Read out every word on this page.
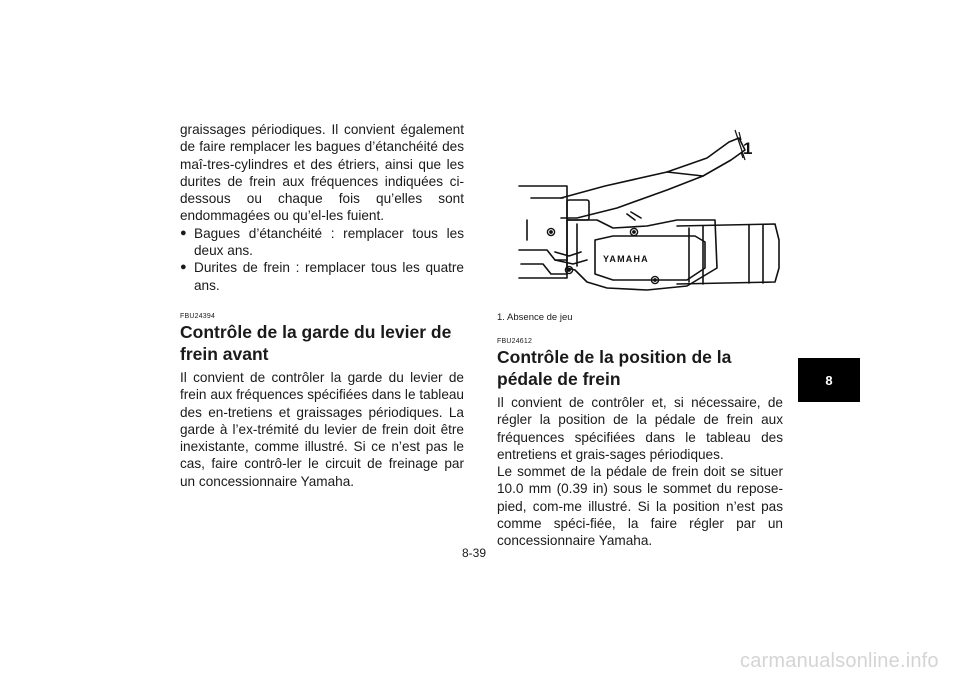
graissages périodiques. Il convient également de faire remplacer les bagues d’étanchéité des maî-tres-cylindres et des étriers, ainsi que les durites de frein aux fréquences indiquées ci-dessous ou chaque fois qu’elles sont endommagées ou qu’el-les fuient.

● Bagues d’étanchéité : remplacer tous les deux ans.

● Durites de frein : remplacer tous les quatre ans.

FBU24394
Contrôle de la garde du levier de frein avant

Il convient de contrôler la garde du levier de frein aux fréquences spécifiées dans le tableau des en-tretiens et graissages périodiques. La garde à l’ex-trémité du levier de frein doit être inexistante, comme illustré. Si ce n’est pas le cas, faire contrô-ler le circuit de freinage par un concessionnaire Yamaha.

1
YAMAHA
1. Absence de jeu
FBU24612
Contrôle de la position de la pédale de frein

Il convient de contrôler et, si nécessaire, de régler la position de la pédale de frein aux fréquences spécifiées dans le tableau des entretiens et grais-sages périodiques.

Le sommet de la pédale de frein doit se situer 10.0 mm (0.39 in) sous le sommet du repose-pied, com-me illustré. Si la position n’est pas comme spéci-fiée, la faire régler par un concessionnaire Yamaha.

8-39
8
carmanualsonline.info
